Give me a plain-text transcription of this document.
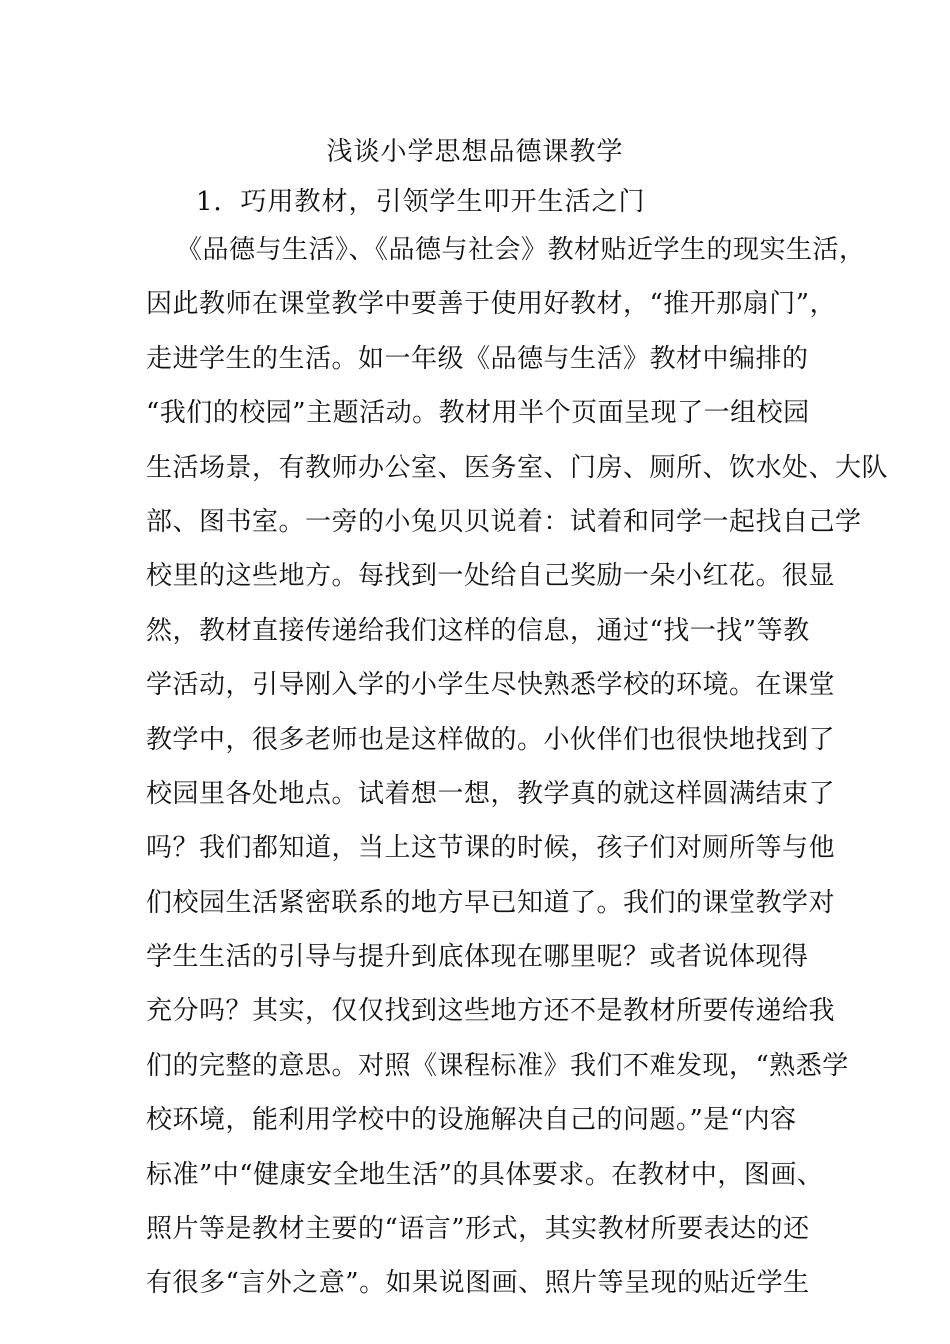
浅谈小学思想品德课教学
1．巧用教材，引领学生叩开生活之门
《品德与生活》、《品德与社会》教材贴近学生的现实生活，
因此教师在课堂教学中要善于使用好教材，“推开那扇门”，
走进学生的生活。如一年级《品德与生活》教材中编排的
“我们的校园”主题活动。教材用半个页面呈现了一组校园
生活场景，有教师办公室、医务室、门房、厕所、饮水处、大队
部、图书室。一旁的小兔贝贝说着：试着和同学一起找自己学
校里的这些地方。每找到一处给自己奖励一朵小红花。很显
然，教材直接传递给我们这样的信息，通过“找一找”等教
学活动，引导刚入学的小学生尽快熟悉学校的环境。在课堂
教学中，很多老师也是这样做的。小伙伴们也很快地找到了
校园里各处地点。试着想一想，教学真的就这样圆满结束了
吗？我们都知道，当上这节课的时候，孩子们对厕所等与他
们校园生活紧密联系的地方早已知道了。我们的课堂教学对
学生生活的引导与提升到底体现在哪里呢？或者说体现得
充分吗？其实，仅仅找到这些地方还不是教材所要传递给我
们的完整的意思。对照《课程标准》我们不难发现，“熟悉学
校环境，能利用学校中的设施解决自己的问题。”是“内容
标准”中“健康安全地生活”的具体要求。在教材中，图画、
照片等是教材主要的“语言”形式，其实教材所要表达的还
有很多“言外之意”。如果说图画、照片等呈现的贴近学生
